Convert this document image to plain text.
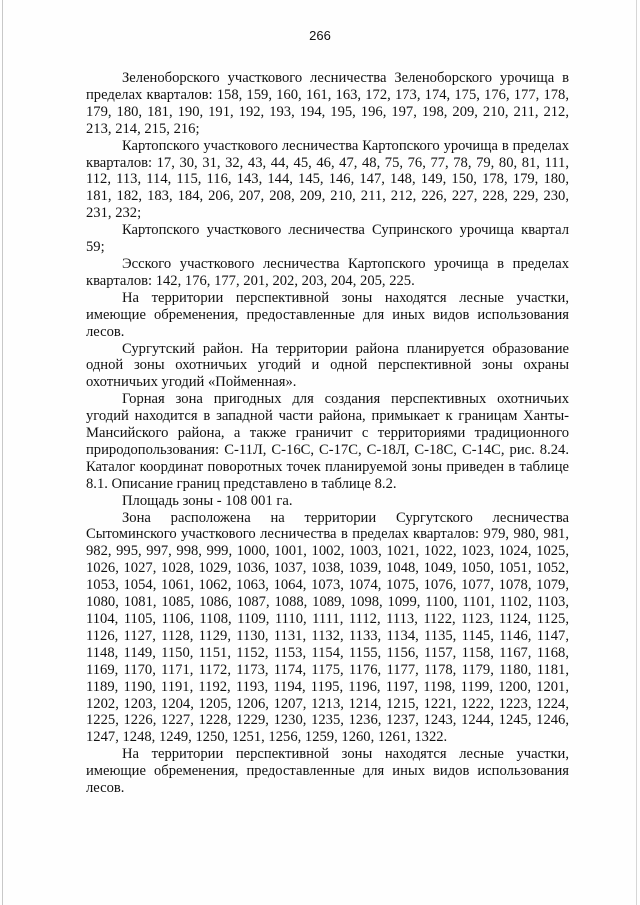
266

Зеленоборского участкового лесничества Зеленоборского урочища в пределах кварталов: 158, 159, 160, 161, 163, 172, 173, 174, 175, 176, 177, 178, 179, 180, 181, 190, 191, 192, 193, 194, 195, 196, 197, 198, 209, 210, 211, 212, 213, 214, 215, 216;

Картопского участкового лесничества Картопского урочища в пределах кварталов: 17, 30, 31, 32, 43, 44, 45, 46, 47, 48, 75, 76, 77, 78, 79, 80, 81, 111, 112, 113, 114, 115, 116, 143, 144, 145, 146, 147, 148, 149, 150, 178, 179, 180, 181, 182, 183, 184, 206, 207, 208, 209, 210, 211, 212, 226, 227, 228, 229, 230, 231, 232;

Картопского участкового лесничества Супринского урочища квартал 59;

Эсского участкового лесничества Картопского урочища в пределах кварталов: 142, 176, 177, 201, 202, 203, 204, 205, 225.

На территории перспективной зоны находятся лесные участки, имеющие обременения, предоставленные для иных видов использования лесов.

Сургутский район. На территории района планируется образование одной зоны охотничьих угодий и одной перспективной зоны охраны охотничьих угодий «Пойменная».

Горная зона пригодных для создания перспективных охотничьих угодий находится в западной части района, примыкает к границам Ханты-Мансийского района, а также граничит с территориями традиционного природопользования: С-11Л, С-16С, С-17С, С-18Л, С-18С, С-14С, рис. 8.24. Каталог координат поворотных точек планируемой зоны приведен в таблице 8.1. Описание границ представлено в таблице 8.2.

Площадь зоны - 108 001 га.

Зона расположена на территории Сургутского лесничества Сытоминского участкового лесничества в пределах кварталов: 979, 980, 981, 982, 995, 997, 998, 999, 1000, 1001, 1002, 1003, 1021, 1022, 1023, 1024, 1025, 1026, 1027, 1028, 1029, 1036, 1037, 1038, 1039, 1048, 1049, 1050, 1051, 1052, 1053, 1054, 1061, 1062, 1063, 1064, 1073, 1074, 1075, 1076, 1077, 1078, 1079, 1080, 1081, 1085, 1086, 1087, 1088, 1089, 1098, 1099, 1100, 1101, 1102, 1103, 1104, 1105, 1106, 1108, 1109, 1110, 1111, 1112, 1113, 1122, 1123, 1124, 1125, 1126, 1127, 1128, 1129, 1130, 1131, 1132, 1133, 1134, 1135, 1145, 1146, 1147, 1148, 1149, 1150, 1151, 1152, 1153, 1154, 1155, 1156, 1157, 1158, 1167, 1168, 1169, 1170, 1171, 1172, 1173, 1174, 1175, 1176, 1177, 1178, 1179, 1180, 1181, 1189, 1190, 1191, 1192, 1193, 1194, 1195, 1196, 1197, 1198, 1199, 1200, 1201, 1202, 1203, 1204, 1205, 1206, 1207, 1213, 1214, 1215, 1221, 1222, 1223, 1224, 1225, 1226, 1227, 1228, 1229, 1230, 1235, 1236, 1237, 1243, 1244, 1245, 1246, 1247, 1248, 1249, 1250, 1251, 1256, 1259, 1260, 1261, 1322.

На территории перспективной зоны находятся лесные участки, имеющие обременения, предоставленные для иных видов использования лесов.
